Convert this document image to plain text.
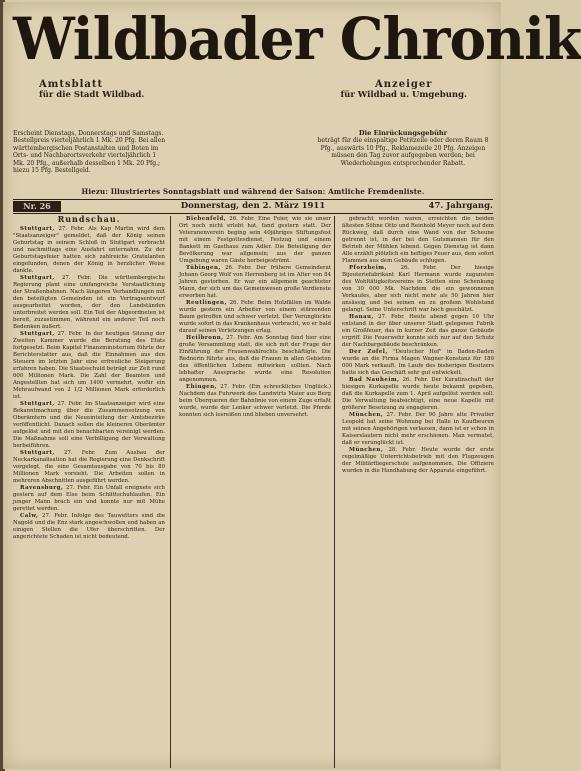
Wildbader Chronik
Amtsblatt
für die Stadt Wildbad.
Anzeiger
für Wildbad u. Umgebung.
Erscheint Dienstags, Donnerstags und Samstags. Bestellpreis vierteljährlich 1 Mk. 20 Pfg. Bei allen württembergischen Postanstalten und Boten im Orts- und Nachbarortsverkehr vierteljährlich 1 Mk. 20 Pfg., außerhalb desselben 1 Mk. 20 Pfg.; hiezu 15 Pfg. Bestellgeld.
Die Einrückungsgebühr
beträgt für die einspaltige Petitzeile oder deren Raum 8 Pfg., auswärts 10 Pfg., Reklamezeile 20 Pfg. Anzeigen müssen den Tag zuvor aufgegeben werden; bei Wiederholungen entsprechender Rabatt.
Hiezu: Illustriertes Sonntagsblatt und während der Saison: Amtliche Fremdenliste.
Nr. 26	Donnerstag, den 2. März 1911	47. Jahrgang.
Rundschau.

Stuttgart, 27. Febr. Als Kap Martin wird dem "Staatsanzeiger" gemeldet, daß der König seinen Geburtstag in seinem Schloß in Stuttgart verbracht und nachmittags eine Ausfahrt unternahm. Zu der Geburtstagsfeier hatten sich zahlreiche Gratulanten eingefunden, denen der König in herzlicher Weise dankte.

Stuttgart, 27. Febr. Die württembergische Regierung plant eine umfangreiche Verstaatlichung der Straßenbahnen. Nach längeren Verhandlungen mit den beteiligten Gemeinden ist ein Vertragsentwurf ausgearbeitet worden, der den Landständen unterbreitet werden soll. Ein Teil der Abgeordneten ist bereit, zuzustimmen, während ein anderer Teil noch Bedenken äußert.

Stuttgart, 27. Febr. In der heutigen Sitzung der Zweiten Kammer wurde die Beratung des Etats fortgesetzt. Beim Kapitel Finanzministerium führte der Berichterstatter aus, daß die Einnahmen aus den Steuern im letzten Jahr eine erfreuliche Steigerung erfahren haben. Die Staatsschuld beträgt zur Zeit rund 600 Millionen Mark. Die Zahl der Beamten und Angestellten hat sich um 1400 vermehrt, wofür ein Mehraufwand von 2 1/2 Millionen Mark erforderlich ist.

Stuttgart, 27. Febr. Im Staatsanzeiger wird eine Bekanntmachung über die Zusammensetzung von Oberämtern und die Neueinteilung der Amtsbezirke veröffentlicht. Danach sollen die kleineren Oberämter aufgelöst und mit den benachbarten vereinigt werden. Die Maßnahme soll eine Verbilligung der Verwaltung herbeiführen.

Stuttgart, 27. Febr. Zum Ausbau der Neckarkanalisation hat die Regierung eine Denkschrift vorgelegt, die eine Gesamtausgabe von 70 bis 80 Millionen Mark vorsieht. Die Arbeiten sollen in mehreren Abschnitten ausgeführt werden.

Ravensburg, 27. Febr. Ein Unfall ereignete sich gestern auf dem Eise beim Schlittschuhlaufen. Ein junger Mann brach ein und konnte nur mit Mühe gerettet werden.

Calw, 27. Febr. Infolge des Tauwetters sind die Nagold und die Enz stark angeschwollen und haben an einigen Stellen die Ufer überschritten. Der angerichtete Schaden ist nicht bedeutend.

Biebenfeld, 26. Febr. Eine Feier, wie sie unser Ort noch nicht erlebt hat, fand gestern statt. Der Veteranenverein beging sein 40jähriges Stiftungsfest mit einem Festgottesdienst, Festzug und einem Bankett im Gasthaus zum Adler. Die Beteiligung der Bevölkerung war allgemein; aus der ganzen Umgebung waren Gäste herbeigeströmt.

Tübingen, 26. Febr. Der frühere Gemeinderat Johann Georg Wolf von Herrenberg ist im Alter von 84 Jahren gestorben. Er war ein allgemein geachteter Mann, der sich um das Gemeinwesen große Verdienste erworben hat.

Reutlingen, 26. Febr. Beim Holzfällen im Walde wurde gestern ein Arbeiter von einem stürzenden Baum getroffen und schwer verletzt. Der Verunglückte wurde sofort in das Krankenhaus verbracht, wo er bald darauf seinen Verletzungen erlag.

Heilbronn, 27. Febr. Am Sonntag fand hier eine große Versammlung statt, die sich mit der Frage der Einführung der Frauenwahlrechts beschäftigte. Die Rednerin führte aus, daß die Frauen in allen Gebieten des öffentlichen Lebens mitwirken sollten. Nach lebhafter Aussprache wurde eine Resolution angenommen.

Ehingen, 27. Febr. (Ein schreckliches Unglück.) Nachdem das Fuhrwerk des Landwirts Maier aus Berg beim Überqueren der Bahnlinie von einem Zuge erfaßt wurde, wurde der Lenker schwer verletzt. Die Pferde konnten sich losreißen und blieben unversehrt.

gebracht worden waren, erreichten die beiden ältesten Söhne Otto und Reinhold Meyer noch auf dem Rückweg, daß durch eine Wand von der Scheune getrennt ist, in der bei den Gutsmannen für den Betrieb der Mühlen lebend. Gegen Dienstag ist dann Alle erzählt plötzlich ein heftiges Feuer aus, dem sofort Flammen aus dem Gebäude schlugen.

Pforzheim,	26. Febr. Der hiesige Bijouteriefabrikant Karl Hermann wurde zugunsten des Wohltätigkeitsvereins in Stetten eine Schenkung von 30 000 Mk. Nachdem die ein gewonnenen Verkaufes, aber sich nicht mehr als 50 Jahren hier ansässig und bei seinen en zu großem Wohlstand gelangt. Seine Unterschrift war hoch geschätzt.

Hanau, 27. Febr. Heute abend gegen 10 Uhr entstand in der über unserer Stadt gelegenen Fabrik ein Großfeuer, das in kurzer Zeit das ganze Gebäude ergriff. Die Feuerwehr konnte sich nur auf den Schutz der Nachbargebäude beschränken.

Der Zofel, "Deutscher Hof" in Baden-Baden wurde an die Firma Magen Wagner-Konstanz für 180 000 Mark verkauft. Im Laufe des bisherigen Besitzers hatte sich das Geschäft sehr gut entwickelt.

Bad Nauheim, 26. Febr. Der Kuratinschaft der hiesigen Kurkapelle wurde heute bekannt gegeben, daß die Kurkapelle zum 1. April aufgelöst werden soll. Die Verwaltung beabsichtigt, eine neue Kapelle mit größerer Besetzung zu engagieren.

München, 27. Febr. Der 90 Jahre alte Privatier Leopold hat seine Wohnung bei Halle in Kaufbeuren mit seinen Angehörigen verlassen, dann ist er schon in Kaiserslautern nicht mehr erschienen. Man vermutet, daß er verunglückt ist.

München, 28. Febr. Heute wurde der erste regelmäßige Unterrichtsbetrieb mit den Flugzeugen der Militärfliegerschule aufgenommen. Die Offiziere wurden in die Handhabung der Apparate eingeführt.
